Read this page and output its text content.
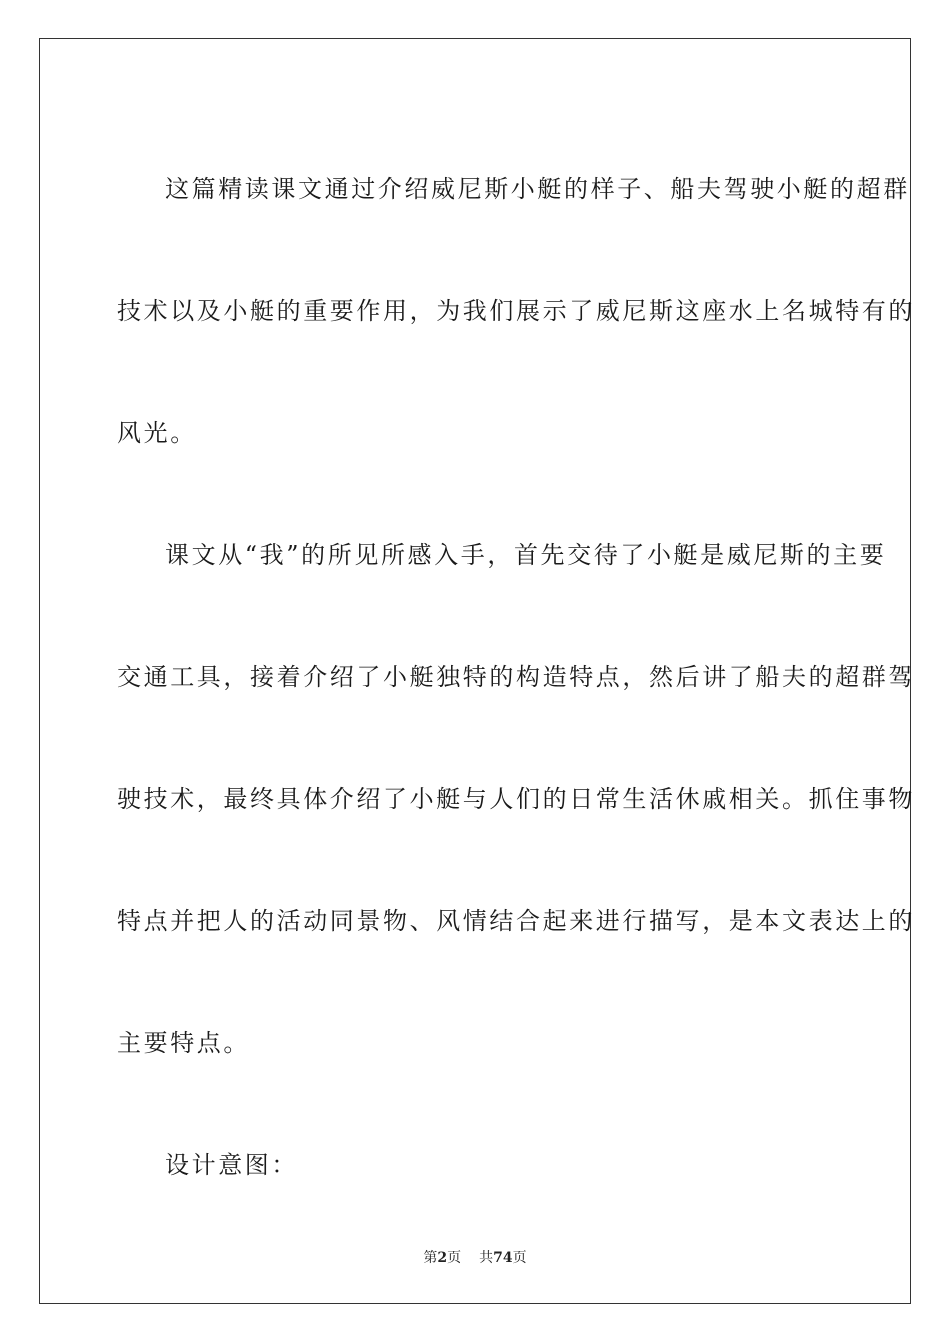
这篇精读课文通过介绍威尼斯小艇的样子、船夫驾驶小艇的超群
技术以及小艇的重要作用，为我们展示了威尼斯这座水上名城特有的
风光。
课文从“我”的所见所感入手，首先交待了小艇是威尼斯的主要
交通工具，接着介绍了小艇独特的构造特点，然后讲了船夫的超群驾
驶技术，最终具体介绍了小艇与人们的日常生活休戚相关。抓住事物
特点并把人的活动同景物、风情结合起来进行描写，是本文表达上的
主要特点。
设计意图：
第2页 共74页
